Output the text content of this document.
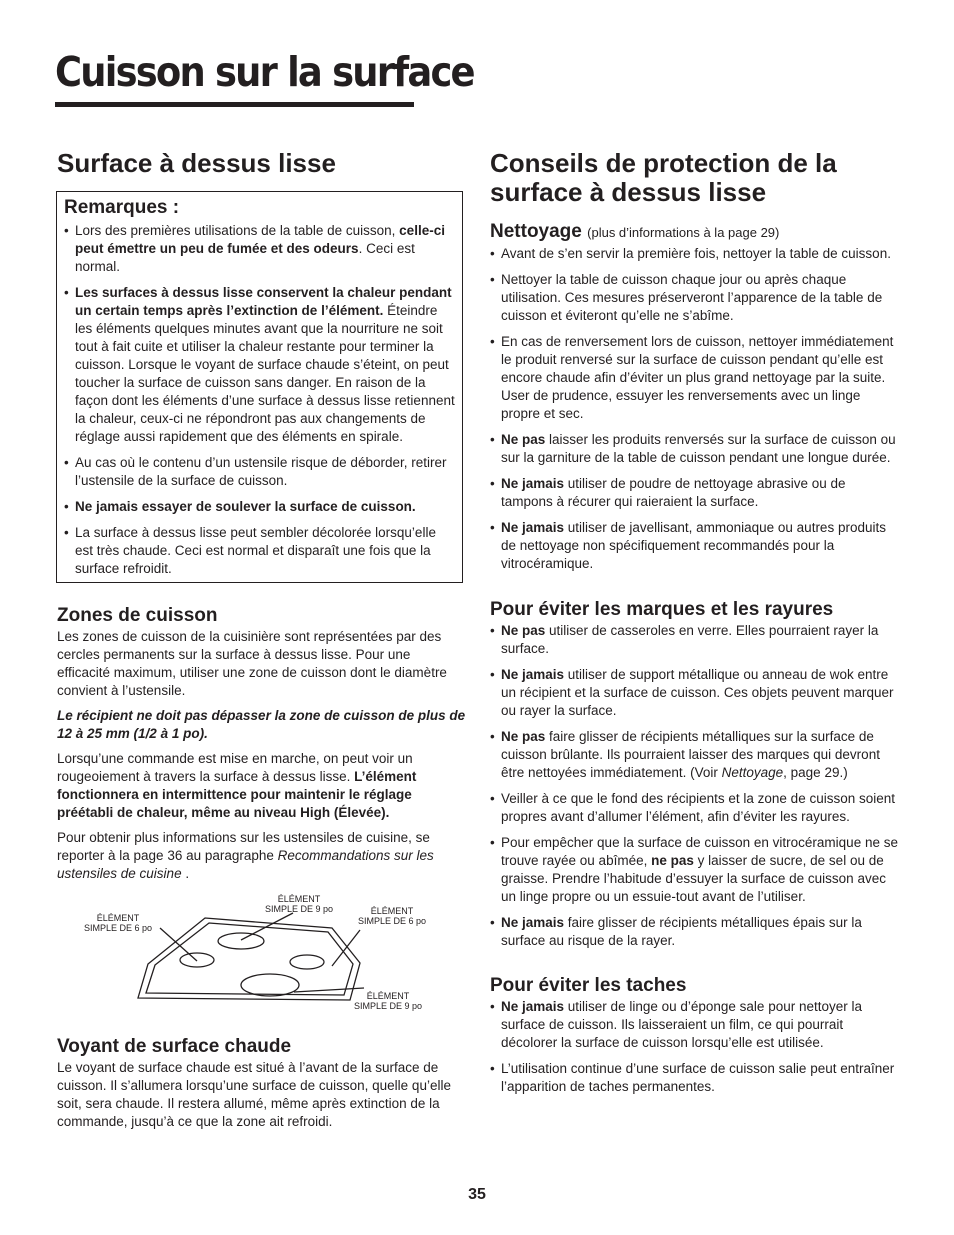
Cuisson sur la surface
Surface à dessus lisse
Remarques :
• Lors des premières utilisations de la table de cuisson, celle-ci peut émettre un peu de fumée et des odeurs. Ceci est normal.
• Les surfaces à dessus lisse conservent la chaleur pendant un certain temps après l’extinction de l’élément. Éteindre les éléments quelques minutes avant que la nourriture ne soit tout à fait cuite et utiliser la chaleur restante pour terminer la cuisson. Lorsque le voyant de surface chaude s’éteint, on peut toucher la surface de cuisson sans danger. En raison de la façon dont les éléments d’une surface à dessus lisse retiennent la chaleur, ceux-ci ne répondront pas aux changements de réglage aussi rapidement que des éléments en spirale.
• Au cas où le contenu d’un ustensile risque de déborder, retirer l’ustensile de la surface de cuisson.
• Ne jamais essayer de soulever la surface de cuisson.
• La surface à dessus lisse peut sembler décolorée lorsqu’elle est très chaude. Ceci est normal et disparaît une fois que la surface refroidit.
Zones de cuisson

Les zones de cuisson de la cuisinière sont représentées par des cercles permanents sur la surface à dessus lisse. Pour une efficacité maximum, utiliser une zone de cuisson dont le diamètre convient à l’ustensile.

Le récipient ne doit pas dépasser la zone de cuisson de plus de 12 à 25 mm (1/2 à 1 po).

Lorsqu’une commande est mise en marche, on peut voir un rougeoiement à travers la surface à dessus lisse. L’élément fonctionnera en intermittence pour maintenir le réglage préétabli de chaleur, même au niveau High (Élevée).

Pour obtenir plus informations sur les ustensiles de cuisine, se reporter à la page 36 au paragraphe Recommandations sur les ustensiles de cuisine .

ÉLÉMENT
SIMPLE DE 9 po
ÉLÉMENT
SIMPLE DE 6 po
ÉLÉMENT
SIMPLE DE 6 po
ÉLÉMENT
SIMPLE DE 9 po
Voyant de surface chaude

Le voyant de surface chaude est situé à l’avant de la surface de cuisson. Il s’allumera lorsqu’une surface de cuisson, quelle qu’elle soit, sera chaude. Il restera allumé, même après extinction de la commande, jusqu’à ce que la zone ait refroidi.

Conseils de protection de la surface à dessus lisse
Nettoyage (plus d’informations à la page 29)
• Avant de s’en servir la première fois, nettoyer la table de cuisson.
• Nettoyer la table de cuisson chaque jour ou après chaque utilisation. Ces mesures préserveront l’apparence de la table de cuisson et éviteront qu’elle ne s’abîme.
• En cas de renversement lors de cuisson, nettoyer immédiatement le produit renversé sur la surface de cuisson pendant qu’elle est encore chaude afin d’éviter un plus grand nettoyage par la suite. User de prudence, essuyer les renversements avec un linge propre et sec.
• Ne pas laisser les produits renversés sur la surface de cuisson ou sur la garniture de la table de cuisson pendant une longue durée.
• Ne jamais utiliser de poudre de nettoyage abrasive ou de tampons à récurer qui raieraient la surface.
• Ne jamais utiliser de javellisant, ammoniaque ou autres produits de nettoyage non spécifiquement recommandés pour la vitrocéramique.
Pour éviter les marques et les rayures
• Ne pas utiliser de casseroles en verre. Elles pourraient rayer la surface.
• Ne jamais utiliser de support métallique ou anneau de wok entre un récipient et la surface de cuisson. Ces objets peuvent marquer ou rayer la surface.
• Ne pas faire glisser de récipients métalliques sur la surface de cuisson brûlante. Ils pourraient laisser des marques qui devront être nettoyées immédiatement. (Voir Nettoyage, page 29.)
• Veiller à ce que le fond des récipients et la zone de cuisson soient propres avant d’allumer l’élément, afin d’éviter les rayures.
• Pour empêcher que la surface de cuisson en vitrocéramique ne se trouve rayée ou abîmée, ne pas y laisser de sucre, de sel ou de graisse. Prendre l’habitude d’essuyer la surface de cuisson avec un linge propre ou un essuie-tout avant de l’utiliser.
• Ne jamais faire glisser de récipients métalliques épais sur la surface au risque de la rayer.
Pour éviter les taches
• Ne jamais utiliser de linge ou d’éponge sale pour nettoyer la surface de cuisson. Ils laisseraient un film, ce qui pourrait décolorer la surface de cuisson lorsqu’elle est utilisée.
• L’utilisation continue d’une surface de cuisson salie peut entraîner l’apparition de taches permanentes.
35
